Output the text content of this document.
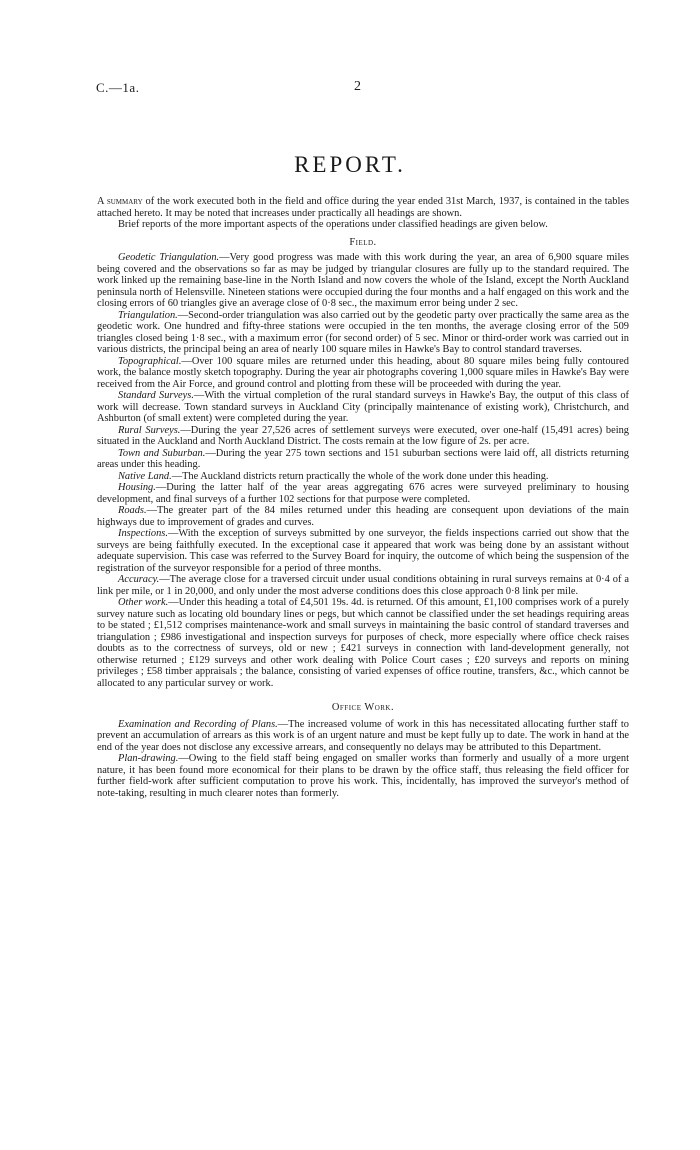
C.—1a.	2
REPORT.

A summary of the work executed both in the field and office during the year ended 31st March, 1937, is contained in the tables attached hereto. It may be noted that increases under practically all headings are shown.

Brief reports of the more important aspects of the operations under classified headings are given below.

Field.

Geodetic Triangulation.—Very good progress was made with this work during the year, an area of 6,900 square miles being covered and the observations so far as may be judged by triangular closures are fully up to the standard required. The work linked up the remaining base-line in the North Island and now covers the whole of the Island, except the North Auckland peninsula north of Helensville. Nineteen stations were occupied during the four months and a half engaged on this work and the closing errors of 60 triangles give an average close of 0·8 sec., the maximum error being under 2 sec.

Triangulation.—Second-order triangulation was also carried out by the geodetic party over practically the same area as the geodetic work. One hundred and fifty-three stations were occupied in the ten months, the average closing error of the 509 triangles closed being 1·8 sec., with a maximum error (for second order) of 5 sec. Minor or third-order work was carried out in various districts, the principal being an area of nearly 100 square miles in Hawke's Bay to control standard traverses.

Topographical.—Over 100 square miles are returned under this heading, about 80 square miles being fully contoured work, the balance mostly sketch topography. During the year air photographs covering 1,000 square miles in Hawke's Bay were received from the Air Force, and ground control and plotting from these will be proceeded with during the year.

Standard Surveys.—With the virtual completion of the rural standard surveys in Hawke's Bay, the output of this class of work will decrease. Town standard surveys in Auckland City (principally maintenance of existing work), Christchurch, and Ashburton (of small extent) were completed during the year.

Rural Surveys.—During the year 27,526 acres of settlement surveys were executed, over one-half (15,491 acres) being situated in the Auckland and North Auckland District. The costs remain at the low figure of 2s. per acre.

Town and Suburban.—During the year 275 town sections and 151 suburban sections were laid off, all districts returning areas under this heading.

Native Land.—The Auckland districts return practically the whole of the work done under this heading.

Housing.—During the latter half of the year areas aggregating 676 acres were surveyed preliminary to housing development, and final surveys of a further 102 sections for that purpose were completed.

Roads.—The greater part of the 84 miles returned under this heading are consequent upon deviations of the main highways due to improvement of grades and curves.

Inspections.—With the exception of surveys submitted by one surveyor, the fields inspections carried out show that the surveys are being faithfully executed. In the exceptional case it appeared that work was being done by an assistant without adequate supervision. This case was referred to the Survey Board for inquiry, the outcome of which being the suspension of the registration of the surveyor responsible for a period of three months.

Accuracy.—The average close for a traversed circuit under usual conditions obtaining in rural surveys remains at 0·4 of a link per mile, or 1 in 20,000, and only under the most adverse conditions does this close approach 0·8 link per mile.

Other work.—Under this heading a total of £4,501 19s. 4d. is returned. Of this amount, £1,100 comprises work of a purely survey nature such as locating old boundary lines or pegs, but which cannot be classified under the set headings requiring areas to be stated ; £1,512 comprises maintenance-work and small surveys in maintaining the basic control of standard traverses and triangulation ; £986 investigational and inspection surveys for purposes of check, more especially where office check raises doubts as to the correctness of surveys, old or new ; £421 surveys in connection with land-development generally, not otherwise returned ; £129 surveys and other work dealing with Police Court cases ; £20 surveys and reports on mining privileges ; £58 timber appraisals ; the balance, consisting of varied expenses of office routine, transfers, &c., which cannot be allocated to any particular survey or work.

Office Work.

Examination and Recording of Plans.—The increased volume of work in this has necessitated allocating further staff to prevent an accumulation of arrears as this work is of an urgent nature and must be kept fully up to date. The work in hand at the end of the year does not disclose any excessive arrears, and consequently no delays may be attributed to this Department.

Plan-drawing.—Owing to the field staff being engaged on smaller works than formerly and usually of a more urgent nature, it has been found more economical for their plans to be drawn by the office staff, thus releasing the field officer for further field-work after sufficient computation to prove his work. This, incidentally, has improved the surveyor's method of note-taking, resulting in much clearer notes than formerly.
